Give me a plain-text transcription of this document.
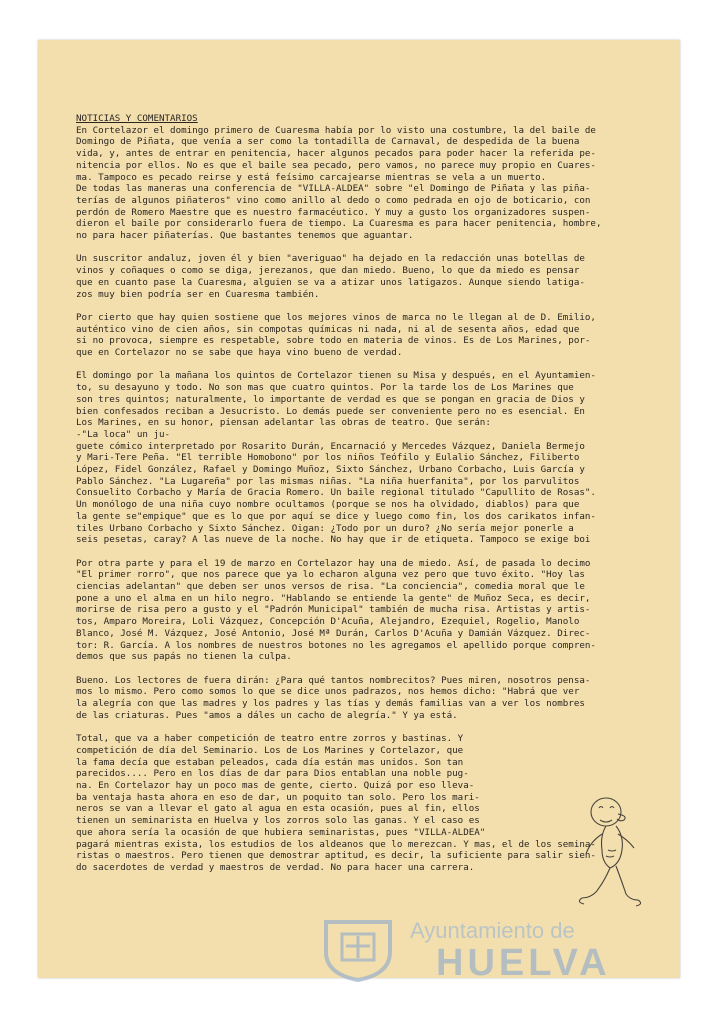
NOTICIAS Y COMENTARIOS

En Cortelazor el domingo primero de Cuaresma había por lo visto una costumbre, la del baile de
Domingo de Piñata, que venía a ser como la tontadilla de Carnaval, de despedida de la buena
vida, y, antes de entrar en penitencia, hacer algunos pecados para poder hacer la referida pe-
nitencia por ellos. No es que el baile sea pecado, pero vamos, no parece muy propio en Cuares-
ma. Tampoco es pecado reirse y está feísimo carcajearse mientras se vela a un muerto.
De todas las maneras una conferencia de "VILLA-ALDEA" sobre "el Domingo de Piñata y las piña-
terías de algunos piñateros" vino como anillo al dedo o como pedrada en ojo de boticario, con
perdón de Romero Maestre que es nuestro farmacéutico. Y muy a gusto los organizadores suspen-
dieron el baile por considerarlo fuera de tiempo. La Cuaresma es para hacer penitencia, hombre,
no para hacer piñaterías. Que bastantes tenemos que aguantar.

Un suscritor andaluz, joven él y bien "averiguao" ha dejado en la redacción unas botellas de
vinos y coñaques o como se diga, jerezanos, que dan miedo. Bueno, lo que da miedo es pensar
que en cuanto pase la Cuaresma, alguien se va a atizar unos latigazos. Aunque siendo latiga-
zos muy bien podría ser en Cuaresma también.

Por cierto que hay quien sostiene que los mejores vinos de marca no le llegan al de D. Emilio,
auténtico vino de cien años, sin compotas químicas ni nada, ni al de sesenta años, edad que
si no provoca, siempre es respetable, sobre todo en materia de vinos. Es de Los Marines, por-
que en Cortelazor no se sabe que haya vino bueno de verdad.

El domingo por la mañana los quintos de Cortelazor tienen su Misa y después, en el Ayuntamien-
to, su desayuno y todo. No son mas que cuatro quintos. Por la tarde los de Los Marines que
son tres quintos; naturalmente, lo importante de verdad es que se pongan en gracia de Dios y
bien confesados reciban a Jesucristo. Lo demás puede ser conveniente pero no es esencial. En
Los Marines, en su honor, piensan adelantar las obras de teatro. Que serán:
-"La loca" un ju-
guete cómico interpretado por Rosarito Durán, Encarnació y Mercedes Vázquez, Daniela Bermejo
y Mari-Tere Peña. "El terrible Homobono" por los niños Teófilo y Eulalio Sánchez, Filiberto
López, Fidel González, Rafael y Domingo Muñoz, Sixto Sánchez, Urbano Corbacho, Luis García y
Pablo Sánchez. "La Lugareña" por las mismas niñas. "La niña huerfanita", por los parvulitos
Consuelito Corbacho y María de Gracia Romero. Un baile regional titulado "Capullito de Rosas".
Un monólogo de una niña cuyo nombre ocultamos (porque se nos ha olvidado, diablos) para que
la gente se"empique" que es lo que por aquí se dice y luego como fin, los dos carikatos infan-
tiles Urbano Corbacho y Sixto Sánchez. Oigan: ¿Todo por un duro? ¿No sería mejor ponerle a
seis pesetas, caray? A las nueve de la noche. No hay que ir de etiqueta. Tampoco se exige boi

Por otra parte y para el 19 de marzo en Cortelazor hay una de miedo. Así, de pasada lo decimo
"El primer rorro", que nos parece que ya lo echaron alguna vez pero que tuvo éxito. "Hoy las
ciencias adelantan" que deben ser unos versos de risa. "La conciencia", comedia moral que le
pone a uno el alma en un hilo negro. "Hablando se entiende la gente" de Muñoz Seca, es decir,
morirse de risa pero a gusto y el "Padrón Municipal" también de mucha risa. Artistas y artis-
tos, Amparo Moreira, Loli Vázquez, Concepción D'Acuña, Alejandro, Ezequiel, Rogelio, Manolo
Blanco, José M. Vázquez, José Antonio, José Mª Durán, Carlos D'Acuña y Damián Vázquez. Direc-
tor: R. García. A los nombres de nuestros botones no les agregamos el apellido porque compren-
demos que sus papás no tienen la culpa.

Bueno. Los lectores de fuera dirán: ¿Para qué tantos nombrecitos? Pues miren, nosotros pensa-
mos lo mismo. Pero como somos lo que se dice unos padrazos, nos hemos dicho: "Habrá que ver
la alegría con que las madres y los padres y las tías y demás familias van a ver los nombres
de las criaturas. Pues "amos a dáles un cacho de alegría." Y ya está.

Total, que va a haber competición de teatro entre zorros y bastinas. Y
competición de día del Seminario. Los de Los Marines y Cortelazor, que
la fama decía que estaban peleados, cada día están mas unidos. Son tan
parecidos.... Pero en los días de dar para Dios entablan una noble pug-
na. En Cortelazor hay un poco mas de gente, cierto. Quizá por eso lleva-
ba ventaja hasta ahora en eso de dar, un poquito tan solo. Pero los mari-
neros se van a llevar el gato al agua en esta ocasión, pues al fin, ellos
tienen un seminarista en Huelva y los zorros solo las ganas. Y el caso es
que ahora sería la ocasión de que hubiera seminaristas, pues "VILLA-ALDEA"
pagará mientras exista, los estudios de los aldeanos que lo merezcan. Y mas, el de los semina-
ristas o maestros. Pero tienen que demostrar aptitud, es decir, la suficiente para salir sien-
do sacerdotes de verdad y maestros de verdad. No para hacer una carrera.

Ayuntamiento de
HUELVA
